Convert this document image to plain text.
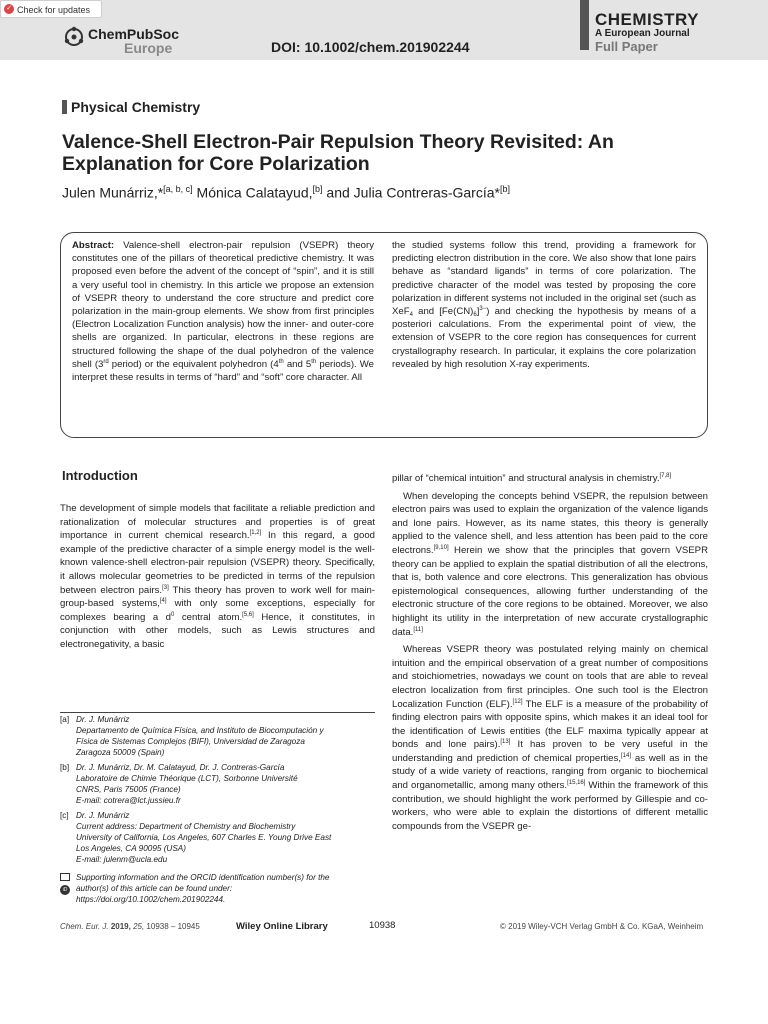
✓ Check for updates
ChemPubSoc
Europe	DOI: 10.1002/chem.201902244
CHEMISTRY
A European Journal
Full Paper
Physical Chemistry
Valence-Shell Electron-Pair Repulsion Theory Revisited: An Explanation for Core Polarization
Julen Munárriz,*[a, b, c] Mónica Calatayud,[b] and Julia Contreras-García*[b]
Abstract: Valence-shell electron-pair repulsion (VSEPR) theory constitutes one of the pillars of theoretical predictive chemistry. It was proposed even before the advent of the concept of “spin”, and it is still a very useful tool in chemistry. In this article we propose an extension of VSEPR theory to understand the core structure and predict core polarization in the main-group elements. We show from first principles (Electron Localization Function analysis) how the inner- and outer-core shells are organized. In particular, electrons in these regions are structured following the shape of the dual polyhedron of the valence shell (3rd period) or the equivalent polyhedron (4th and 5th periods). We interpret these results in terms of “hard” and “soft” core character. All
the studied systems follow this trend, providing a framework for predicting electron distribution in the core. We also show that lone pairs behave as “standard ligands” in terms of core polarization. The predictive character of the model was tested by proposing the core polarization in different systems not included in the original set (such as XeF$_4$ and $[Fe(CN)_6]^{3-}$) and checking the hypothesis by means of a posteriori calculations. From the experimental point of view, the extension of VSEPR to the core region has consequences for current crystallography research. In particular, it explains the core polarization revealed by high resolution X-ray experiments.
Introduction

The development of simple models that facilitate a reliable prediction and rationalization of molecular structures and properties is of great importance in current chemical research.[1,2] In this regard, a good example of the predictive character of a simple energy model is the well-known valence-shell electron-pair repulsion (VSEPR) theory. Specifically, it allows molecular geometries to be predicted in terms of the repulsion between electron pairs.[3] This theory has proven to work well for main-group-based systems,[4] with only some exceptions, especially for complexes bearing a $d^0$ central atom.[5,6] Hence, it constitutes, in conjunction with other models, such as Lewis structures and electronegativity, a basic

pillar of “chemical intuition” and structural analysis in chemistry.[7,8]

When developing the concepts behind VSEPR, the repulsion between electron pairs was used to explain the organization of the valence ligands and lone pairs. However, as its name states, this theory is generally applied to the valence shell, and less attention has been paid to the core electrons.[9,10] Herein we show that the principles that govern VSEPR theory can be applied to explain the spatial distribution of all the electrons, that is, both valence and core electrons. This generalization has obvious epistemological consequences, allowing further understanding of the electronic structure of the core regions to be obtained. Moreover, we also highlight its utility in the interpretation of new accurate crystallographic data.[11]

Whereas VSEPR theory was postulated relying mainly on chemical intuition and the empirical observation of a great number of compositions and stoichiometries, nowadays we count on tools that are able to reveal electron localization from first principles. One such tool is the Electron Localization Function (ELF).[12] The ELF is a measure of the probability of finding electron pairs with opposite spins, which makes it an ideal tool for the identification of Lewis entities (the ELF maxima typically appear at bonds and lone pairs).[13] It has proven to be very useful in the understanding and prediction of chemical properties,[14] as well as in the study of a wide variety of reactions, ranging from organic to biochemical and organometallic, among many others.[15,16] Within the framework of this contribution, we should highlight the work performed by Gillespie and co-workers, who were able to explain the distortions of different metallic compounds from the VSEPR ge-

[a] Dr. J. Munárriz
Departamento de Química Física, and Instituto de Biocomputación y
Física de Sistemas Complejos (BIFI), Universidad de Zaragoza
Zaragoza 50009 (Spain)
[b] Dr. J. Munárriz, Dr. M. Calatayud, Dr. J. Contreras-García
Laboratoire de Chimie Théorique (LCT), Sorbonne Université
CNRS, Paris 75005 (France)
E-mail: cotrera@lct.jussieu.fr
[c] Dr. J. Munárriz
Current address: Department of Chemistry and Biochemistry
University of California, Los Angeles, 607 Charles E. Young Drive East
Los Angeles, CA 90095 (USA)
E-mail: julenm@ucla.edu
iD
Supporting information and the ORCID identification number(s) for the
author(s) of this article can be found under:
https://doi.org/10.1002/chem.201902244.
Chem. Eur. J. 2019, 25, 10938 – 10945	Wiley Online Library	10938	© 2019 Wiley-VCH Verlag GmbH & Co. KGaA, Weinheim
